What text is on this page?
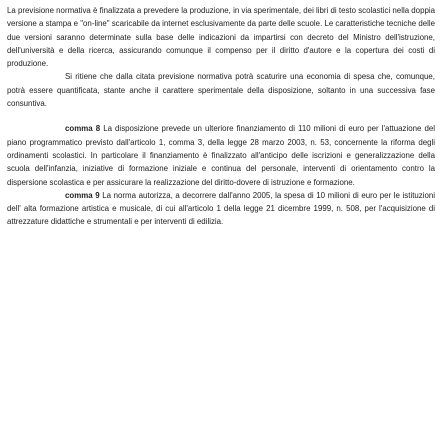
La previsione normativa è finalizzata a prevedere la produzione, in via sperimentale, dei libri di testo scolastici nella doppia versione a stampa e "on-line" scaricabile da internet esclusivamente da parte delle scuole. Le caratteristiche tecniche delle due versioni saranno determinate sulla base delle indicazioni da impartirsi con decreto del Ministro dell'istruzione, dell'università e della ricerca, assicurando comunque il compenso per il diritto d'autore e la copertura dei costi di produzione.

Si ritiene che dalla citata previsione normativa potrà scaturire una economia di spesa che, comunque, potrà essere quantificata, stante anche il carattere sperimentale della disposizione, soltanto in una successiva fase consuntiva.

comma 8 La disposizione prevede un ulteriore finanziamento di 110 milioni di euro per l'attuazione del piano programmatico previsto dall'articolo 1, comma 3, della legge 28 marzo 2003, n. 53, concernente la riforma degli ordinamenti scolastici. In particolare il finanziamento è finalizzato all'anticipo delle iscrizioni e generalizzazione della scuola dell'infanzia, iniziative di formazione iniziale e continua del personale, interventi di orientamento contro la dispersione scolastica e per assicurare la realizzazione del diritto-dovere di istruzione e formazione.

comma 9 La norma autorizza, a decorrere dall'anno 2005, la spesa di 10 milioni di euro per le istituzioni dell' alta formazione artistica e musicale, di cui all'articolo 1 della legge 21 dicembre 1999, n. 508, per l'acquisizione di attrezzature didattiche e strumentali e per interventi di edilizia.
